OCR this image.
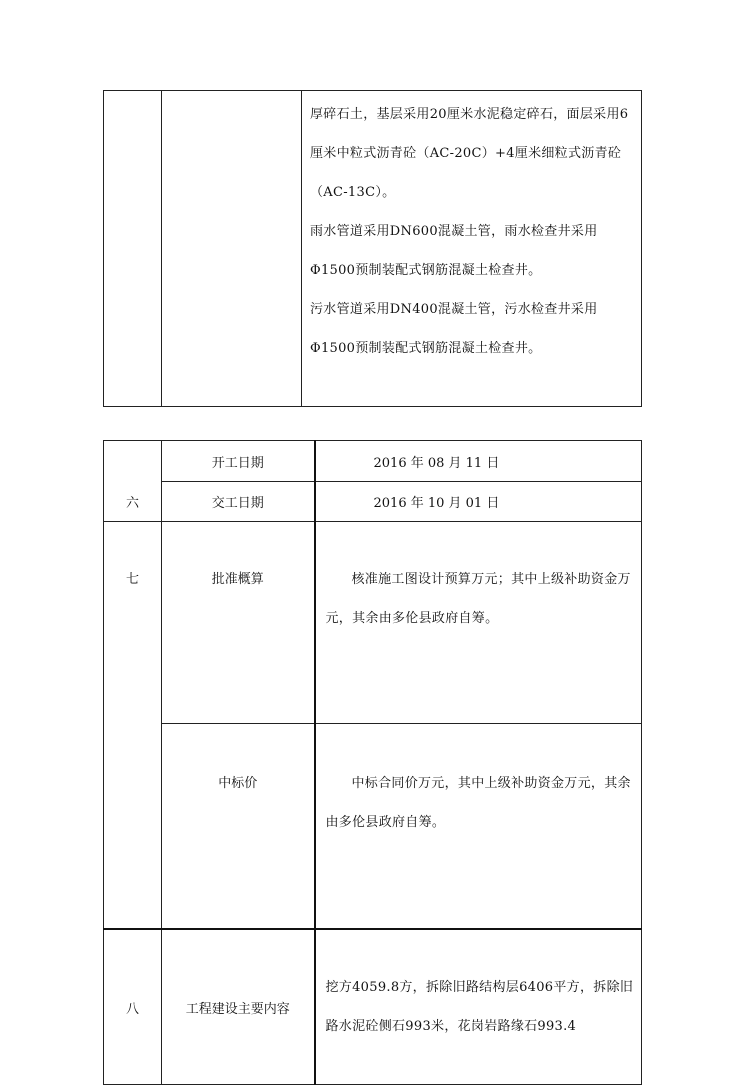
厚碎石土，基层采用20厘米水泥稳定碎石，面层采用6厘米中粒式沥青砼（AC-20C）+4厘米细粒式沥青砼（AC-13C）。

雨水管道采用DN600混凝土管，雨水检查井采用Φ1500预制装配式钢筋混凝土检查井。

污水管道采用DN400混凝土管，污水检查井采用Φ1500预制装配式钢筋混凝土检查井。

六	开工日期	2016 年 08 月 11 日
	交工日期	2016 年 10 月 01 日
七	批准概算	核准施工图设计预算万元；其中上级补助资金万元，其余由多伦县政府自筹。

	中标价	中标合同价万元，其中上级补助资金万元，其余由多伦县政府自筹。

八	工程建设主要内容	挖方4059.8方，拆除旧路结构层6406平方，拆除旧路水泥砼侧石993米，花岗岩路缘石993.4
